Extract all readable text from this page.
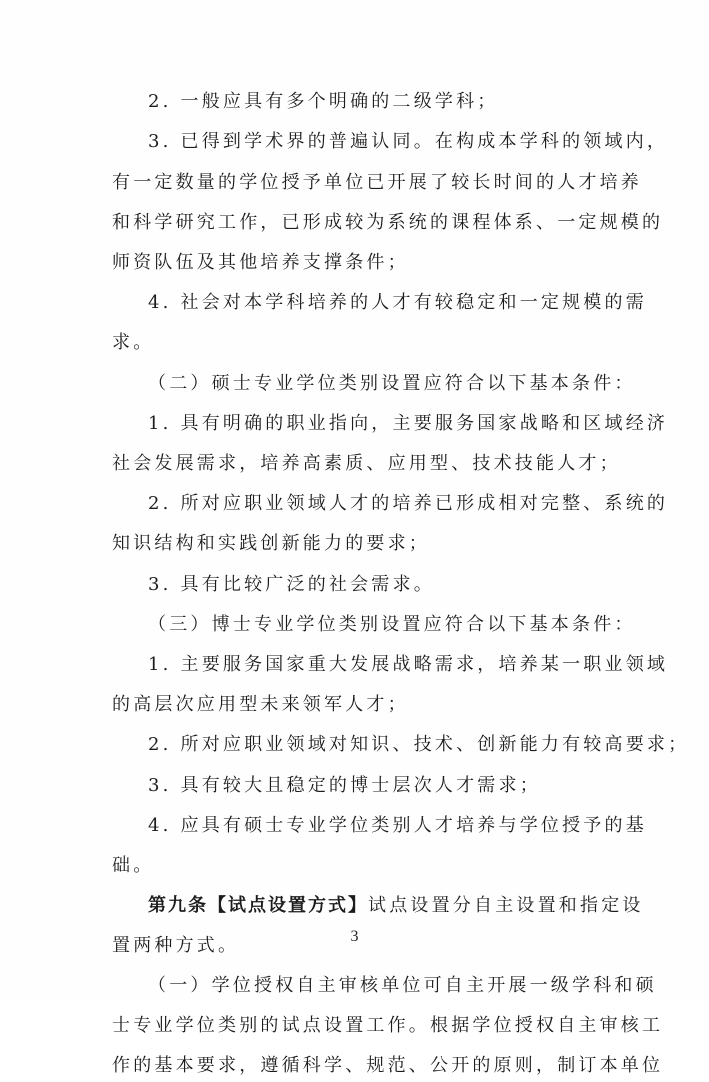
2. 一般应具有多个明确的二级学科；
3. 已得到学术界的普遍认同。在构成本学科的领域内，
有一定数量的学位授予单位已开展了较长时间的人才培养
和科学研究工作，已形成较为系统的课程体系、一定规模的
师资队伍及其他培养支撑条件；
4. 社会对本学科培养的人才有较稳定和一定规模的需
求。
（二）硕士专业学位类别设置应符合以下基本条件：
1. 具有明确的职业指向，主要服务国家战略和区域经济
社会发展需求，培养高素质、应用型、技术技能人才；
2. 所对应职业领域人才的培养已形成相对完整、系统的
知识结构和实践创新能力的要求；
3. 具有比较广泛的社会需求。
（三）博士专业学位类别设置应符合以下基本条件：
1. 主要服务国家重大发展战略需求，培养某一职业领域
的高层次应用型未来领军人才；
2. 所对应职业领域对知识、技术、创新能力有较高要求；
3. 具有较大且稳定的博士层次人才需求；
4. 应具有硕士专业学位类别人才培养与学位授予的基
础。
第九条【试点设置方式】试点设置分自主设置和指定设
置两种方式。
（一）学位授权自主审核单位可自主开展一级学科和硕
士专业学位类别的试点设置工作。根据学位授权自主审核工
作的基本要求，遵循科学、规范、公开的原则，制订本单位
3
